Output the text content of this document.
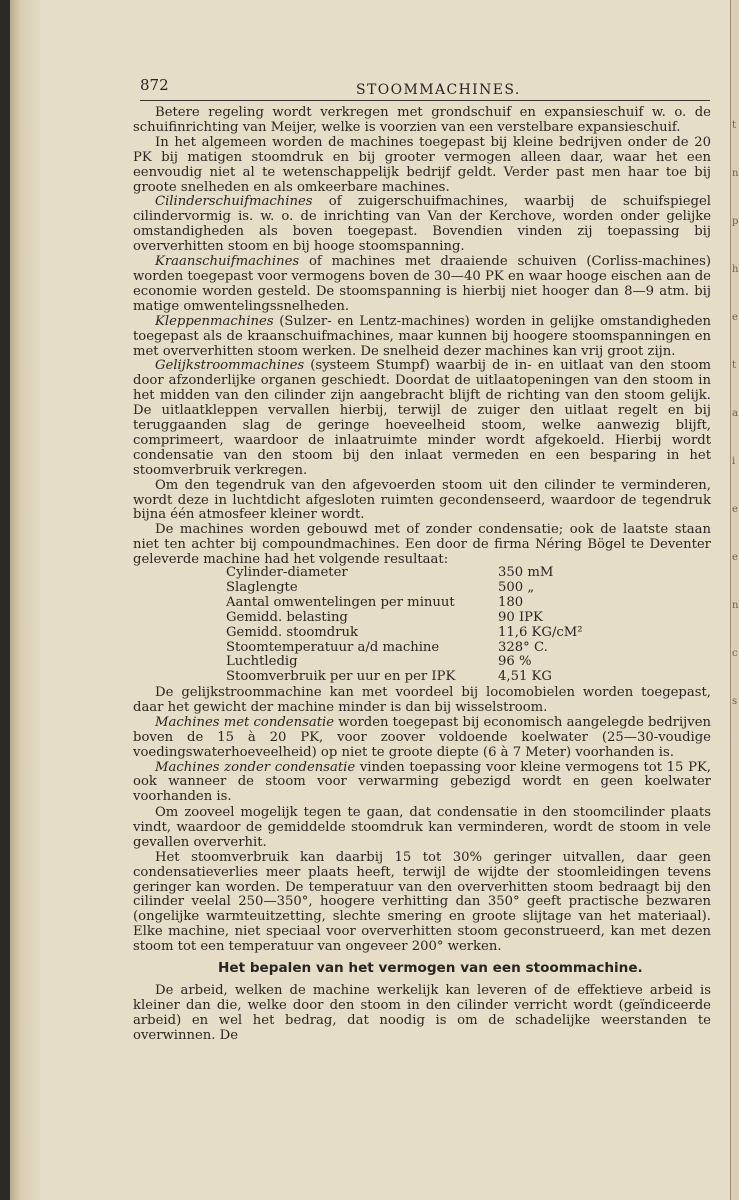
t
n
p
h
e
t
a
i
e
e
n
c
s
872	STOOMMACHINES.

Betere regeling wordt verkregen met grondschuif en expansieschuif w. o. de schuifinrichting van Meijer, welke is voorzien van een verstelbare expansieschuif.

In het algemeen worden de machines toegepast bij kleine bedrijven onder de 20 PK bij matigen stoomdruk en bij grooter vermogen alleen daar, waar het een eenvoudig niet al te wetenschappelijk bedrijf geldt. Verder past men haar toe bij groote snelheden en als omkeerbare machines.

Cilinderschuifmachines of zuigerschuifmachines, waarbij de schuifspiegel cilindervormig is. w. o. de inrichting van Van der Kerchove, worden onder gelijke omstandigheden als boven toegepast. Bovendien vinden zij toepassing bij oververhitten stoom en bij hooge stoomspanning.

Kraanschuifmachines of machines met draaiende schuiven (Corliss-machines) worden toegepast voor vermogens boven de 30—40 PK en waar hooge eischen aan de economie worden gesteld. De stoomspanning is hierbij niet hooger dan 8—9 atm. bij matige omwentelingssnelheden.

Kleppenmachines (Sulzer- en Lentz-machines) worden in gelijke omstandigheden toegepast als de kraanschuifmachines, maar kunnen bij hoogere stoomspanningen en met oververhitten stoom werken. De snelheid dezer machines kan vrij groot zijn.

Gelijkstroommachines (systeem Stumpf) waarbij de in- en uitlaat van den stoom door afzonderlijke organen geschiedt. Doordat de uitlaatopeningen van den stoom in het midden van den cilinder zijn aangebracht blijft de richting van den stoom gelijk. De uitlaatkleppen vervallen hierbij, terwijl de zuiger den uitlaat regelt en bij teruggaanden slag de geringe hoeveelheid stoom, welke aanwezig blijft, comprimeert, waardoor de inlaatruimte minder wordt afgekoeld. Hierbij wordt condensatie van den stoom bij den inlaat vermeden en een besparing in het stoomverbruik verkregen.

Om den tegendruk van den afgevoerden stoom uit den cilinder te verminderen, wordt deze in luchtdicht afgesloten ruimten gecondenseerd, waardoor de tegendruk bijna één atmosfeer kleiner wordt.

De machines worden gebouwd met of zonder condensatie; ook de laatste staan niet ten achter bij compoundmachines. Een door de firma Néring Bögel te Deventer geleverde machine had het volgende resultaat:

Cylinder-diameter	350 mM
Slaglengte	500 „
Aantal omwentelingen per minuut	180
Gemidd. belasting	90 IPK
Gemidd. stoomdruk	11,6 KG/cM²
Stoomtemperatuur a/d machine	328° C.
Luchtledig	96 %
Stoomverbruik per uur en per IPK	4,51 KG

De gelijkstroommachine kan met voordeel bij locomobielen worden toegepast, daar het gewicht der machine minder is dan bij wisselstroom.

Machines met condensatie worden toegepast bij economisch aangelegde bedrijven boven de 15 à 20 PK, voor zoover voldoende koelwater (25—30-voudige voedingswaterhoeveelheid) op niet te groote diepte (6 à 7 Meter) voorhanden is.

Machines zonder condensatie vinden toepassing voor kleine vermogens tot 15 PK, ook wanneer de stoom voor verwarming gebezigd wordt en geen koelwater voorhanden is.

Om zooveel mogelijk tegen te gaan, dat condensatie in den stoomcilinder plaats vindt, waardoor de gemiddelde stoomdruk kan verminderen, wordt de stoom in vele gevallen oververhit.

Het stoomverbruik kan daarbij 15 tot 30% geringer uitvallen, daar geen condensatieverlies meer plaats heeft, terwijl de wijdte der stoomleidingen tevens geringer kan worden. De temperatuur van den oververhitten stoom bedraagt bij den cilinder veelal 250—350°, hoogere verhitting dan 350° geeft practische bezwaren (ongelijke warmteuitzetting, slechte smering en groote slijtage van het materiaal). Elke machine, niet speciaal voor oververhitten stoom geconstrueerd, kan met dezen stoom tot een temperatuur van ongeveer 200° werken.

Het bepalen van het vermogen van een stoommachine.

De arbeid, welken de machine werkelijk kan leveren of de effektieve arbeid is kleiner dan die, welke door den stoom in den cilinder verricht wordt (geïndiceerde arbeid) en wel het bedrag, dat noodig is om de schadelijke weerstanden te overwinnen. De
